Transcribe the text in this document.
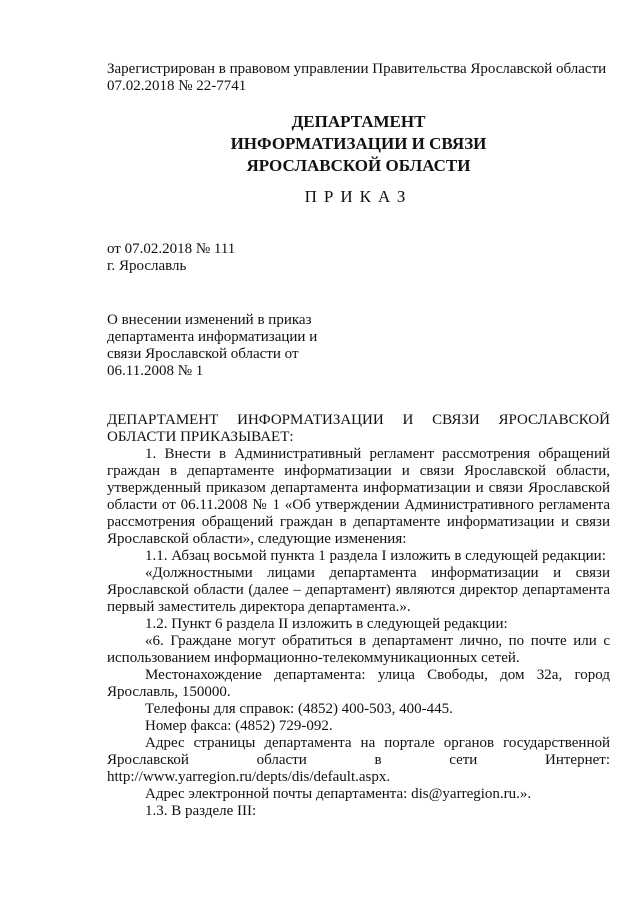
Зарегистрирован в правовом управлении Правительства Ярославской области
07.02.2018 № 22-7741
ДЕПАРТАМЕНТ
ИНФОРМАТИЗАЦИИ И СВЯЗИ
ЯРОСЛАВСКОЙ ОБЛАСТИ
ПРИКАЗ
от 07.02.2018 № 111
г. Ярославль
О внесении изменений в приказ
департамента информатизации и
связи Ярославской области от
06.11.2008 № 1
ДЕПАРТАМЕНТ ИНФОРМАТИЗАЦИИ И СВЯЗИ ЯРОСЛАВСКОЙ
ОБЛАСТИ ПРИКАЗЫВАЕТ:
1. Внести в Административный регламент рассмотрения обращений
граждан в департаменте информатизации и связи Ярославской области,
утвержденный приказом департамента информатизации и связи Ярославской
области от 06.11.2008 № 1 «Об утверждении Административного регламента
рассмотрения обращений граждан в департаменте информатизации и связи
Ярославской области», следующие изменения:
1.1. Абзац восьмой пункта 1 раздела I изложить в следующей редакции:
«Должностными лицами департамента информатизации и связи
Ярославской области (далее – департамент) являются директор департамента
первый заместитель директора департамента.».
1.2. Пункт 6 раздела II изложить в следующей редакции:
«6. Граждане могут обратиться в департамент лично, по почте или с
использованием информационно-телекоммуникационных сетей.
Местонахождение департамента: улица Свободы, дом 32а, город
Ярославль, 150000.
Телефоны для справок: (4852) 400-503, 400-445.
Номер факса: (4852) 729-092.
Адрес страницы департамента на портале органов государственной
Ярославской области в сети Интернет:
http://www.yarregion.ru/depts/dis/default.aspx.
Адрес электронной почты департамента: dis@yarregion.ru.».
1.3. В разделе III:
